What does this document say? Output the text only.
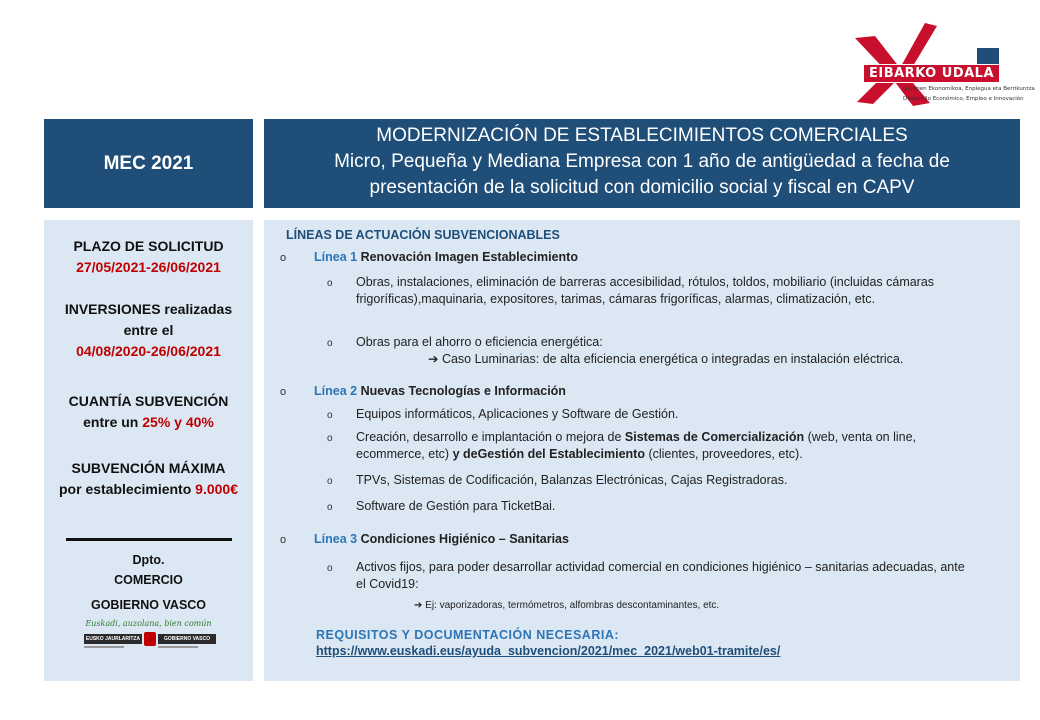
EIBARKO UDALA
Garapen Ekonomikoa, Enplegua eta Berrikuntza
Desarrollo Económico, Empleo e Innovación
MEC 2021
MODERNIZACIÓN DE ESTABLECIMIENTOS COMERCIALES
Micro, Pequeña y Mediana Empresa con 1 año de antigüedad a fecha de
presentación de la solicitud con domicilio social y fiscal en CAPV
PLAZO DE SOLICITUD
27/05/2021-26/06/2021
INVERSIONES realizadas
entre el
04/08/2020-26/06/2021
CUANTÍA SUBVENCIÓN
entre un 25% y 40%
SUBVENCIÓN MÁXIMA
por establecimiento 9.000€
Dpto.
COMERCIO
GOBIERNO VASCO
Euskadi, auzolana, bien común
EUSKO JAURLARITZA	GOBIERNO VASCO
LÍNEAS DE ACTUACIÓN SUBVENCIONABLES
o Línea 1 Renovación Imagen Establecimiento
o Obras, instalaciones, eliminación de barreras accesibilidad, rótulos, toldos, mobiliario (incluidas cámaras frigoríficas),maquinaria, expositores, tarimas, cámaras frigoríficas, alarmas, climatización, etc.
o Obras para el ahorro o eficiencia energética:
➔ Caso Luminarias: de alta eficiencia energética o integradas en instalación eléctrica.
o Línea 2 Nuevas Tecnologías e Información
o Equipos informáticos, Aplicaciones y Software de Gestión.
o Creación, desarrollo e implantación o mejora de Sistemas de Comercialización (web, venta on line, ecommerce, etc) y deGestión del Establecimiento (clientes, proveedores, etc).
o TPVs, Sistemas de Codificación, Balanzas Electrónicas, Cajas Registradoras.
o Software de Gestión para TicketBai.
o Línea 3 Condiciones Higiénico – Sanitarias
o Activos fijos, para poder desarrollar actividad comercial en condiciones higiénico – sanitarias adecuadas, ante el Covid19:
➔ Ej: vaporizadoras, termómetros, alfombras descontaminantes, etc.
REQUISITOS Y DOCUMENTACIÓN NECESARIA:
https://www.euskadi.eus/ayuda_subvencion/2021/mec_2021/web01-tramite/es/
